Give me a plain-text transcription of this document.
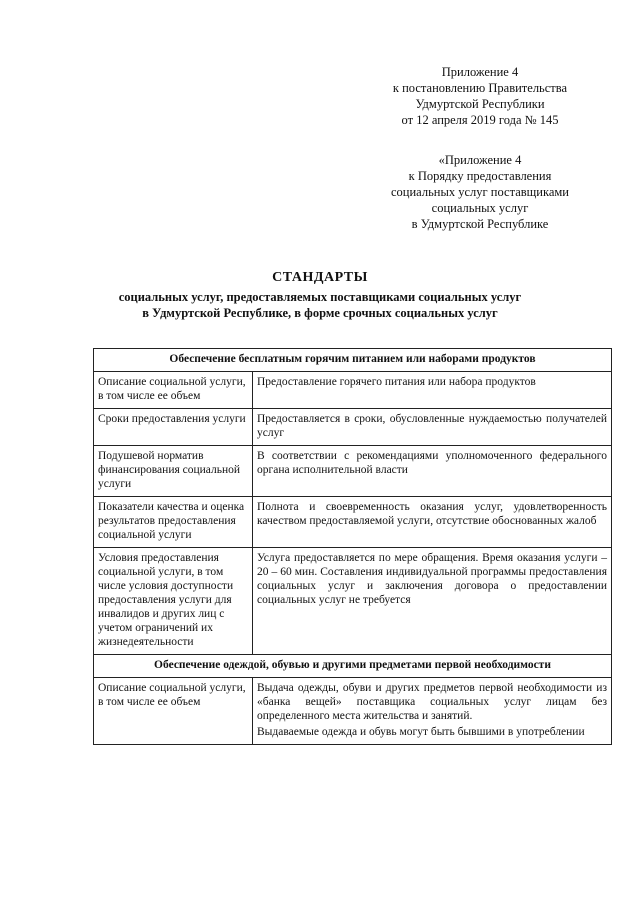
Приложение 4

к постановлению Правительства

Удмуртской Республики

от 12 апреля 2019 года № 145

«Приложение 4

к Порядку предоставления

социальных услуг поставщиками

социальных услуг

в Удмуртской Республике

СТАНДАРТЫ

социальных услуг, предоставляемых поставщиками социальных услуг

в Удмуртской Республике, в форме срочных социальных услуг

Обеспечение бесплатным горячим питанием или наборами продуктов	
Описание социальной услуги, в том числе ее объем	Предоставление горячего питания или набора продуктов

Сроки предоставления услуги	Предоставляется в сроки, обусловленные нуждаемостью получателей услуг

Подушевой норматив финансирования социальной услуги	В соответствии с рекомендациями уполномоченного федерального органа исполнительной власти

Показатели качества и оценка результатов предоставления социальной услуги	Полнота и своевременность оказания услуг, удовлетворенность качеством предоставляемой услуги, отсутствие обоснованных жалоб

Условия предоставления социальной услуги, в том числе условия доступности предоставления услуги для инвалидов и других лиц с учетом ограничений их жизнедеятельности	Услуга предоставляется по мере обращения. Время оказания услуги – 20 – 60 мин. Составления индивидуальной программы предоставления социальных услуг и заключения договора о предоставлении социальных услуг не требуется

Обеспечение одеждой, обувью и другими предметами первой необходимости	
Описание социальной услуги, в том числе ее объем	Выдача одежды, обуви и других предметов первой необходимости из «банка вещей» поставщика социальных услуг лицам без определенного места жительства и занятий.

Выдаваемые одежда и обувь могут быть бывшими в употреблении
